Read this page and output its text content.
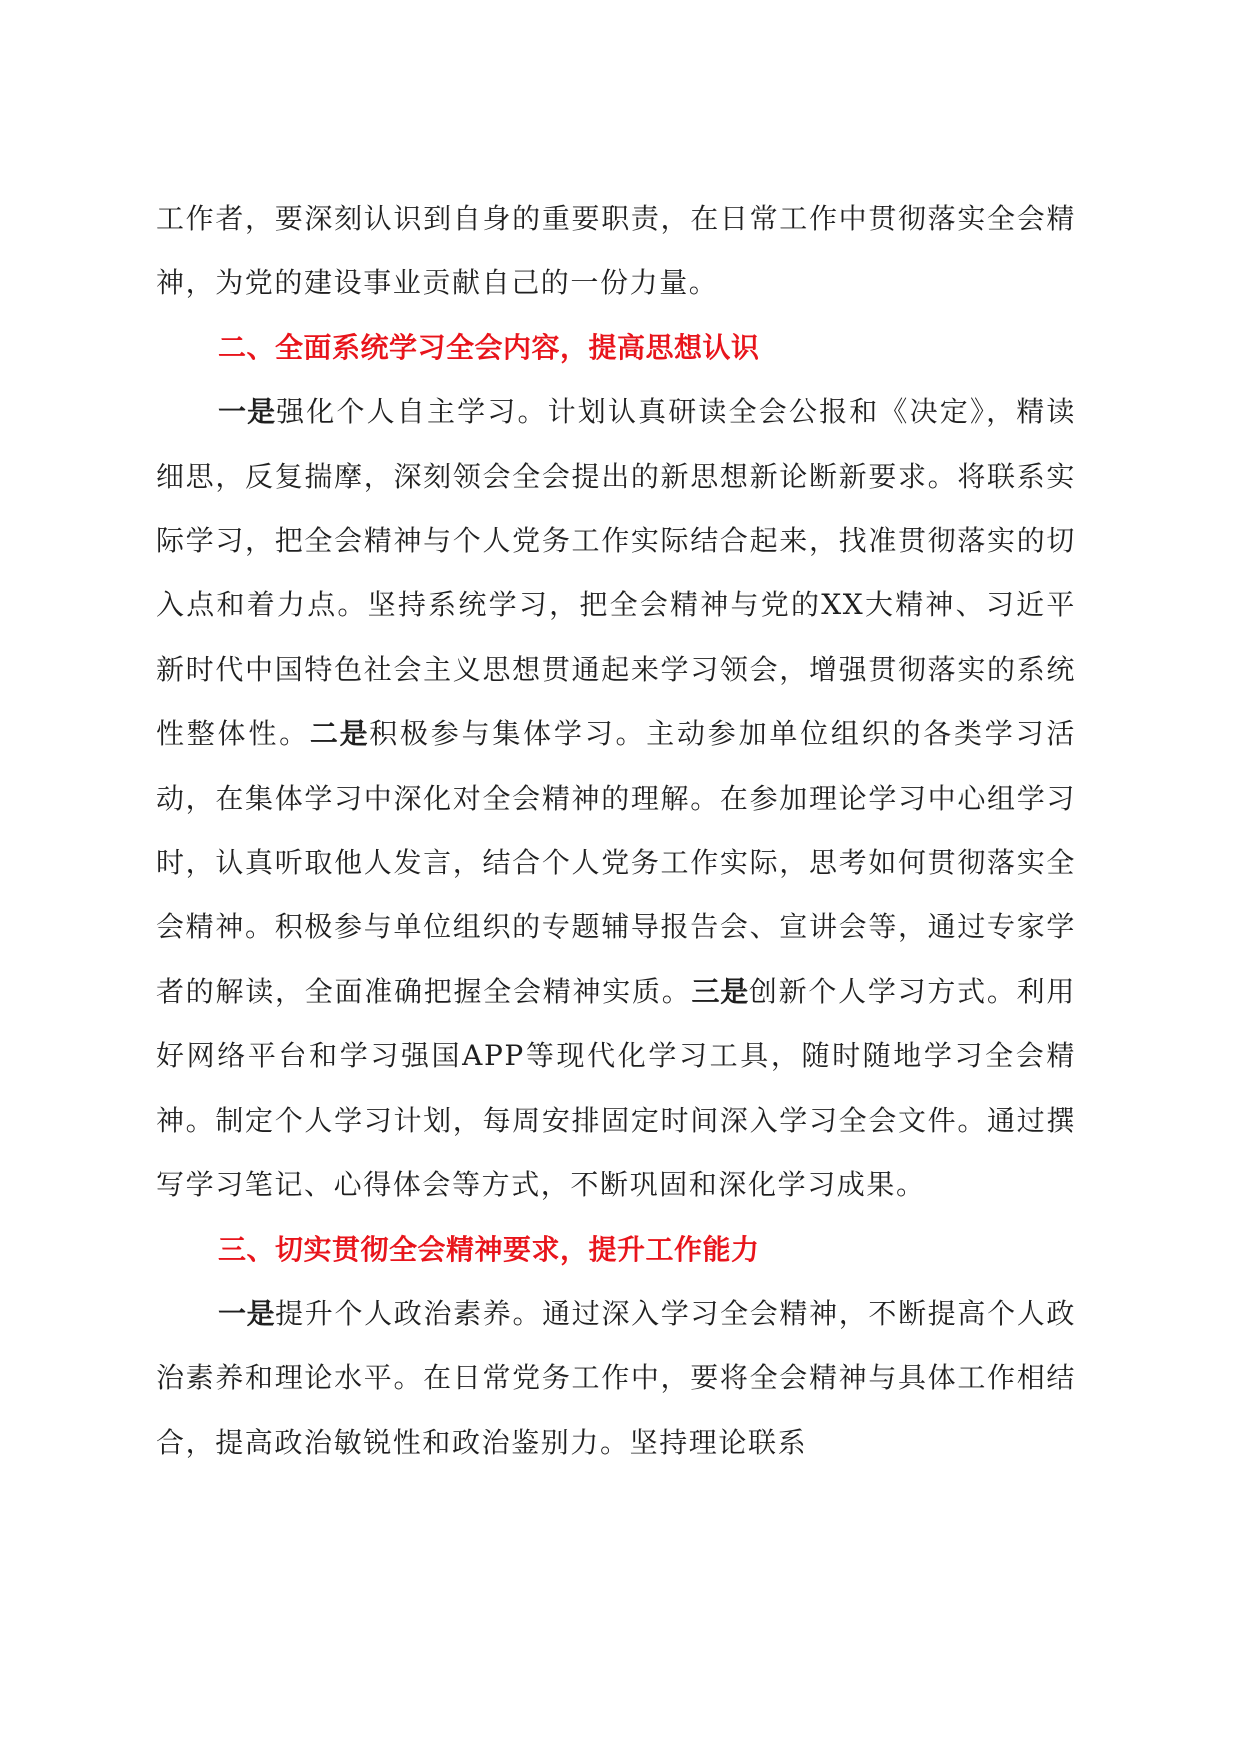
工作者，要深刻认识到自身的重要职责，在日常工作中贯彻落实全会精神，为党的建设事业贡献自己的一份力量。

二、全面系统学习全会内容，提高思想认识

一是强化个人自主学习。计划认真研读全会公报和《决定》，精读细思，反复揣摩，深刻领会全会提出的新思想新论断新要求。将联系实际学习，把全会精神与个人党务工作实际结合起来，找准贯彻落实的切入点和着力点。坚持系统学习，把全会精神与党的XX大精神、习近平新时代中国特色社会主义思想贯通起来学习领会，增强贯彻落实的系统性整体性。二是积极参与集体学习。主动参加单位组织的各类学习活动，在集体学习中深化对全会精神的理解。在参加理论学习中心组学习时，认真听取他人发言，结合个人党务工作实际，思考如何贯彻落实全会精神。积极参与单位组织的专题辅导报告会、宣讲会等，通过专家学者的解读，全面准确把握全会精神实质。三是创新个人学习方式。利用好网络平台和学习强国APP等现代化学习工具，随时随地学习全会精神。制定个人学习计划，每周安排固定时间深入学习全会文件。通过撰写学习笔记、心得体会等方式，不断巩固和深化学习成果。

三、切实贯彻全会精神要求，提升工作能力

一是提升个人政治素养。通过深入学习全会精神，不断提高个人政治素养和理论水平。在日常党务工作中，要将全会精神与具体工作相结合，提高政治敏锐性和政治鉴别力。坚持理论联系
